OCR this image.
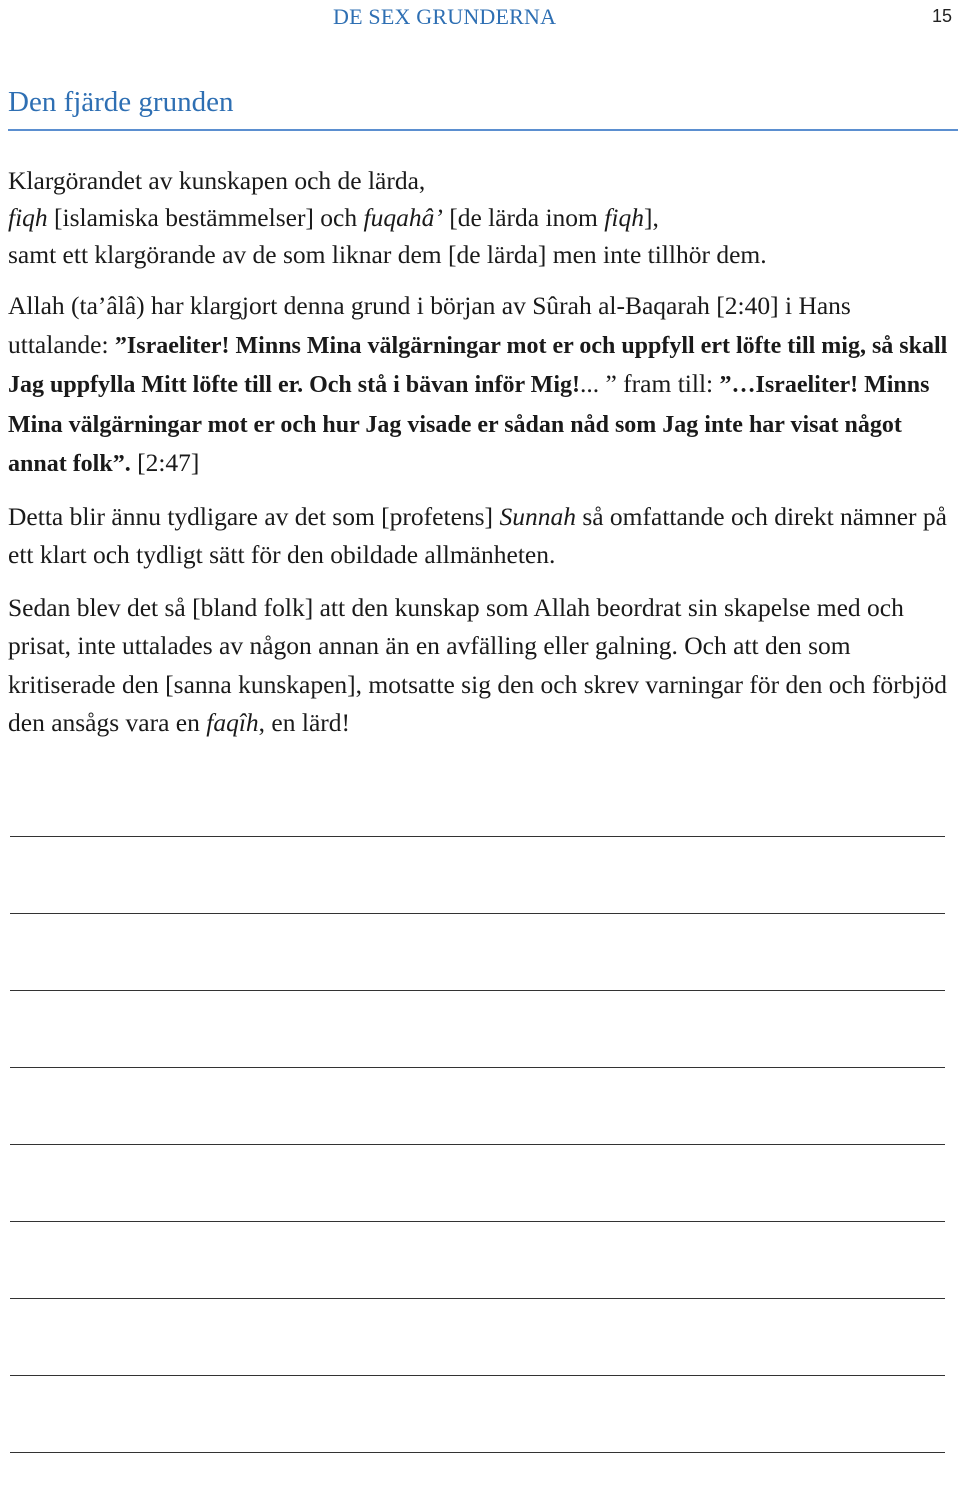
DE SEX GRUNDERNA	15
Den fjärde grunden

Klargörandet av kunskapen och de lärda,
fiqh [islamiska bestämmelser] och fuqahâ’ [de lärda inom fiqh],
samt ett klargörande av de som liknar dem [de lärda] men inte tillhör dem.

Allah (ta’âlâ) har klargjort denna grund i början av Sûrah al-Baqarah [2:40] i Hans uttalande: ”Israeliter! Minns Mina välgärningar mot er och uppfyll ert löfte till mig, så skall Jag uppfylla Mitt löfte till er. Och stå i bävan inför Mig!... ” fram till: ”…Israeliter! Minns Mina välgärningar mot er och hur Jag visade er sådan nåd som Jag inte har visat något annat folk”. [2:47]

Detta blir ännu tydligare av det som [profetens] Sunnah så omfattande och direkt nämner på ett klart och tydligt sätt för den obildade allmänheten.

Sedan blev det så [bland folk] att den kunskap som Allah beordrat sin skapelse med och prisat, inte uttalades av någon annan än en avfälling eller galning. Och att den som kritiserade den [sanna kunskapen], motsatte sig den och skrev varningar för den och förbjöd den ansågs vara en faqîh, en lärd!
